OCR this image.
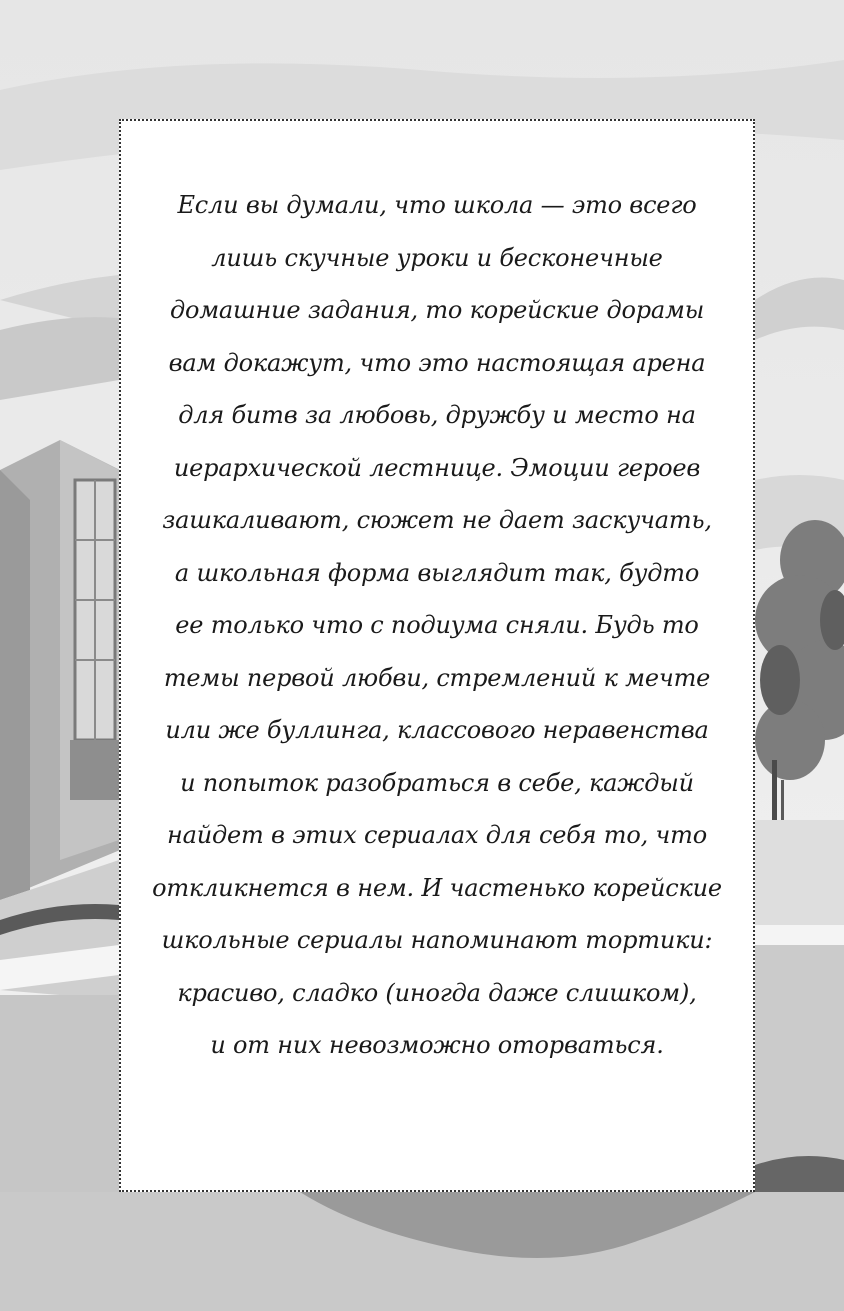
Если вы думали, что школа — это всего
лишь скучные уроки и бесконечные
домашние задания, то корейские дорамы
вам докажут, что это настоящая арена
для битв за любовь, дружбу и место на
иерархической лестнице. Эмоции героев
зашкаливают, сюжет не дает заскучать,
а школьная форма выглядит так, будто
ее только что с подиума сняли. Будь то
темы первой любви, стремлений к мечте
или же буллинга, классового неравенства
и попыток разобраться в себе, каждый
найдет в этих сериалах для себя то, что
откликнется в нем. И частенько корейские
школьные сериалы напоминают тортики:
красиво, сладко (иногда даже слишком),
и от них невозможно оторваться.
